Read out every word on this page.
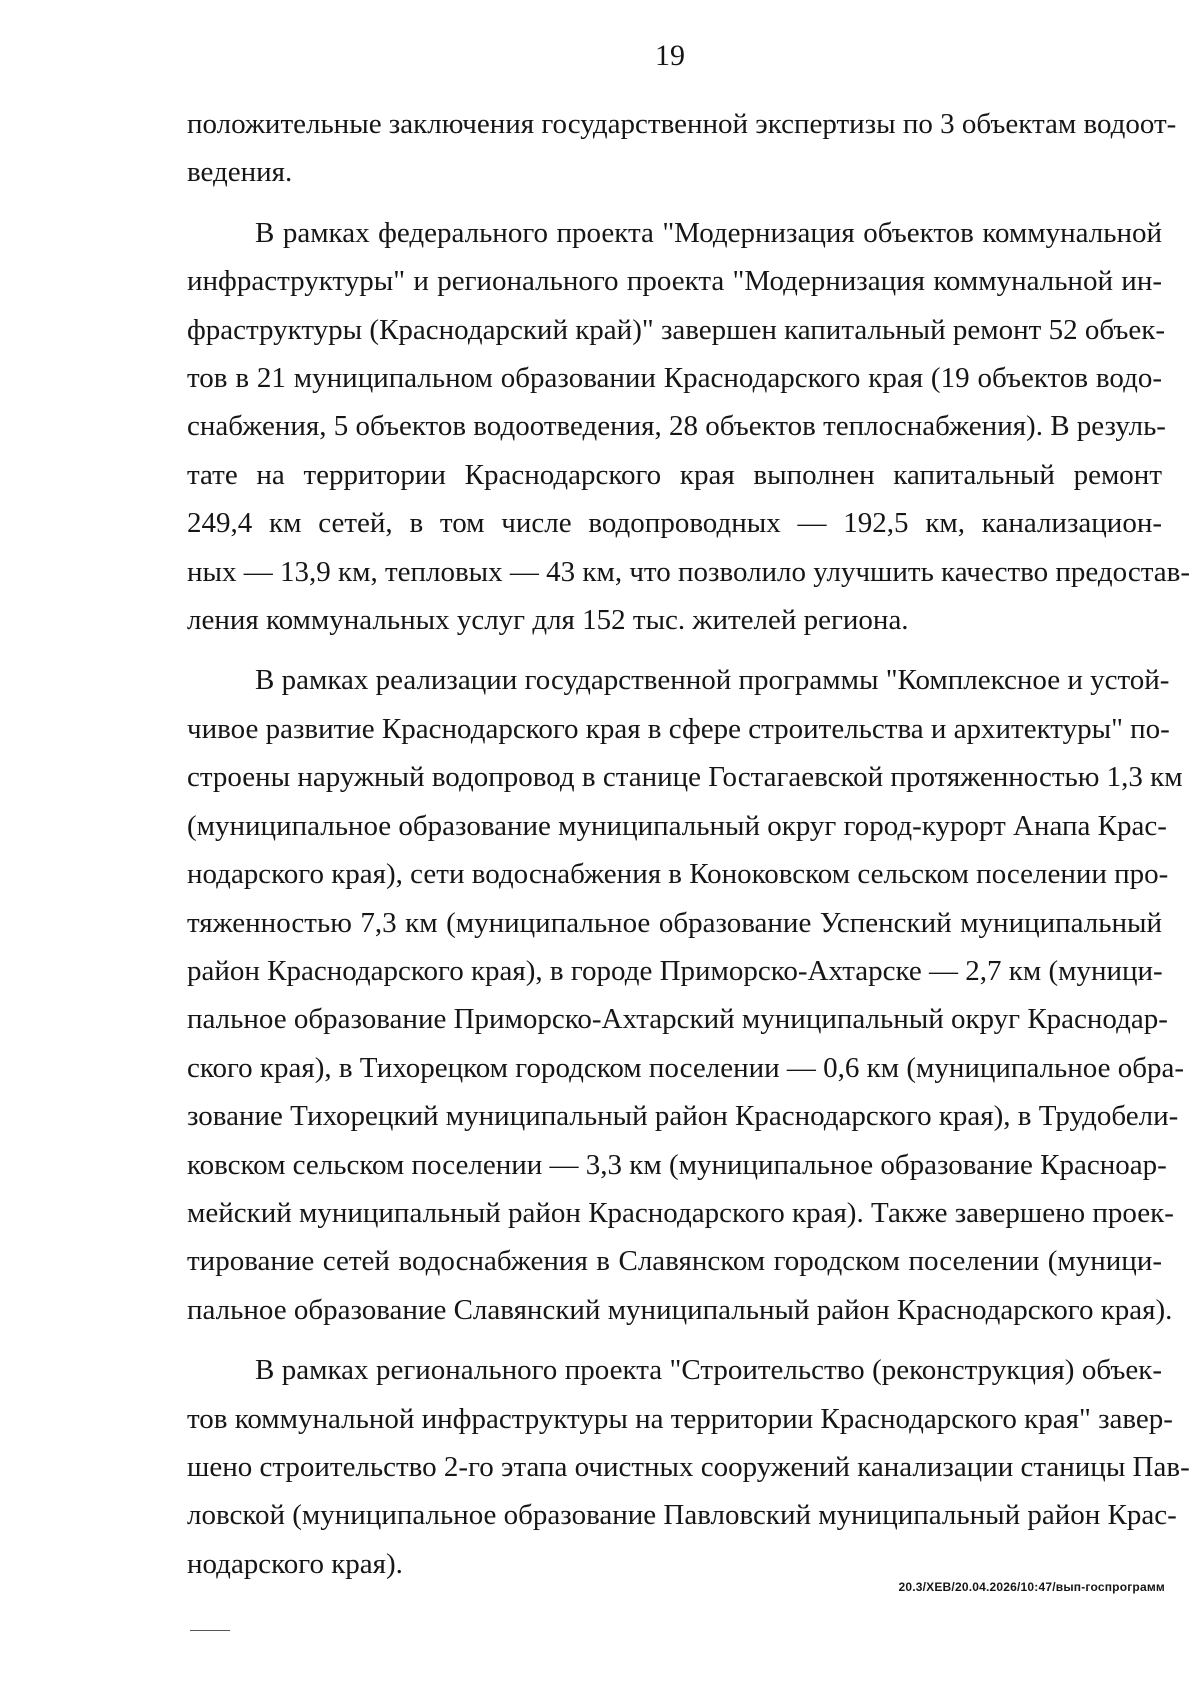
19

положительные заключения государственной экспертизы по 3 объектам водоот-
ведения.

В рамках федерального проекта "Модернизация объектов коммунальной
инфраструктуры" и регионального проекта "Модернизация коммунальной ин-
фраструктуры (Краснодарский край)" завершен капитальный ремонт 52 объек-
тов в 21 муниципальном образовании Краснодарского края (19 объектов водо-
снабжения, 5 объектов водоотведения, 28 объектов теплоснабжения). В резуль-
тате на территории Краснодарского края выполнен капитальный ремонт
249,4 км сетей, в том числе водопроводных — 192,5 км, канализацион-
ных — 13,9 км, тепловых — 43 км, что позволило улучшить качество предостав-
ления коммунальных услуг для 152 тыс. жителей региона.

В рамках реализации государственной программы "Комплексное и устой-
чивое развитие Краснодарского края в сфере строительства и архитектуры" по-
строены наружный водопровод в станице Гостагаевской протяженностью 1,3 км
(муниципальное образование муниципальный округ город-курорт Анапа Крас-
нодарского края), сети водоснабжения в Коноковском сельском поселении про-
тяженностью 7,3 км (муниципальное образование Успенский муниципальный
район Краснодарского края), в городе Приморско-Ахтарске — 2,7 км (муници-
пальное образование Приморско-Ахтарский муниципальный округ Краснодар-
ского края), в Тихорецком городском поселении — 0,6 км (муниципальное обра-
зование Тихорецкий муниципальный район Краснодарского края), в Трудобели-
ковском сельском поселении — 3,3 км (муниципальное образование Красноар-
мейский муниципальный район Краснодарского края). Также завершено проек-
тирование сетей водоснабжения в Славянском городском поселении (муници-
пальное образование Славянский муниципальный район Краснодарского края).

В рамках регионального проекта "Строительство (реконструкция) объек-
тов коммунальной инфраструктуры на территории Краснодарского края" завер-
шено строительство 2-го этапа очистных сооружений канализации станицы Пав-
ловской (муниципальное образование Павловский муниципальный район Крас-
нодарского края).

20.3/ХЕВ/20.04.2026/10:47/вып-госпрограмм
